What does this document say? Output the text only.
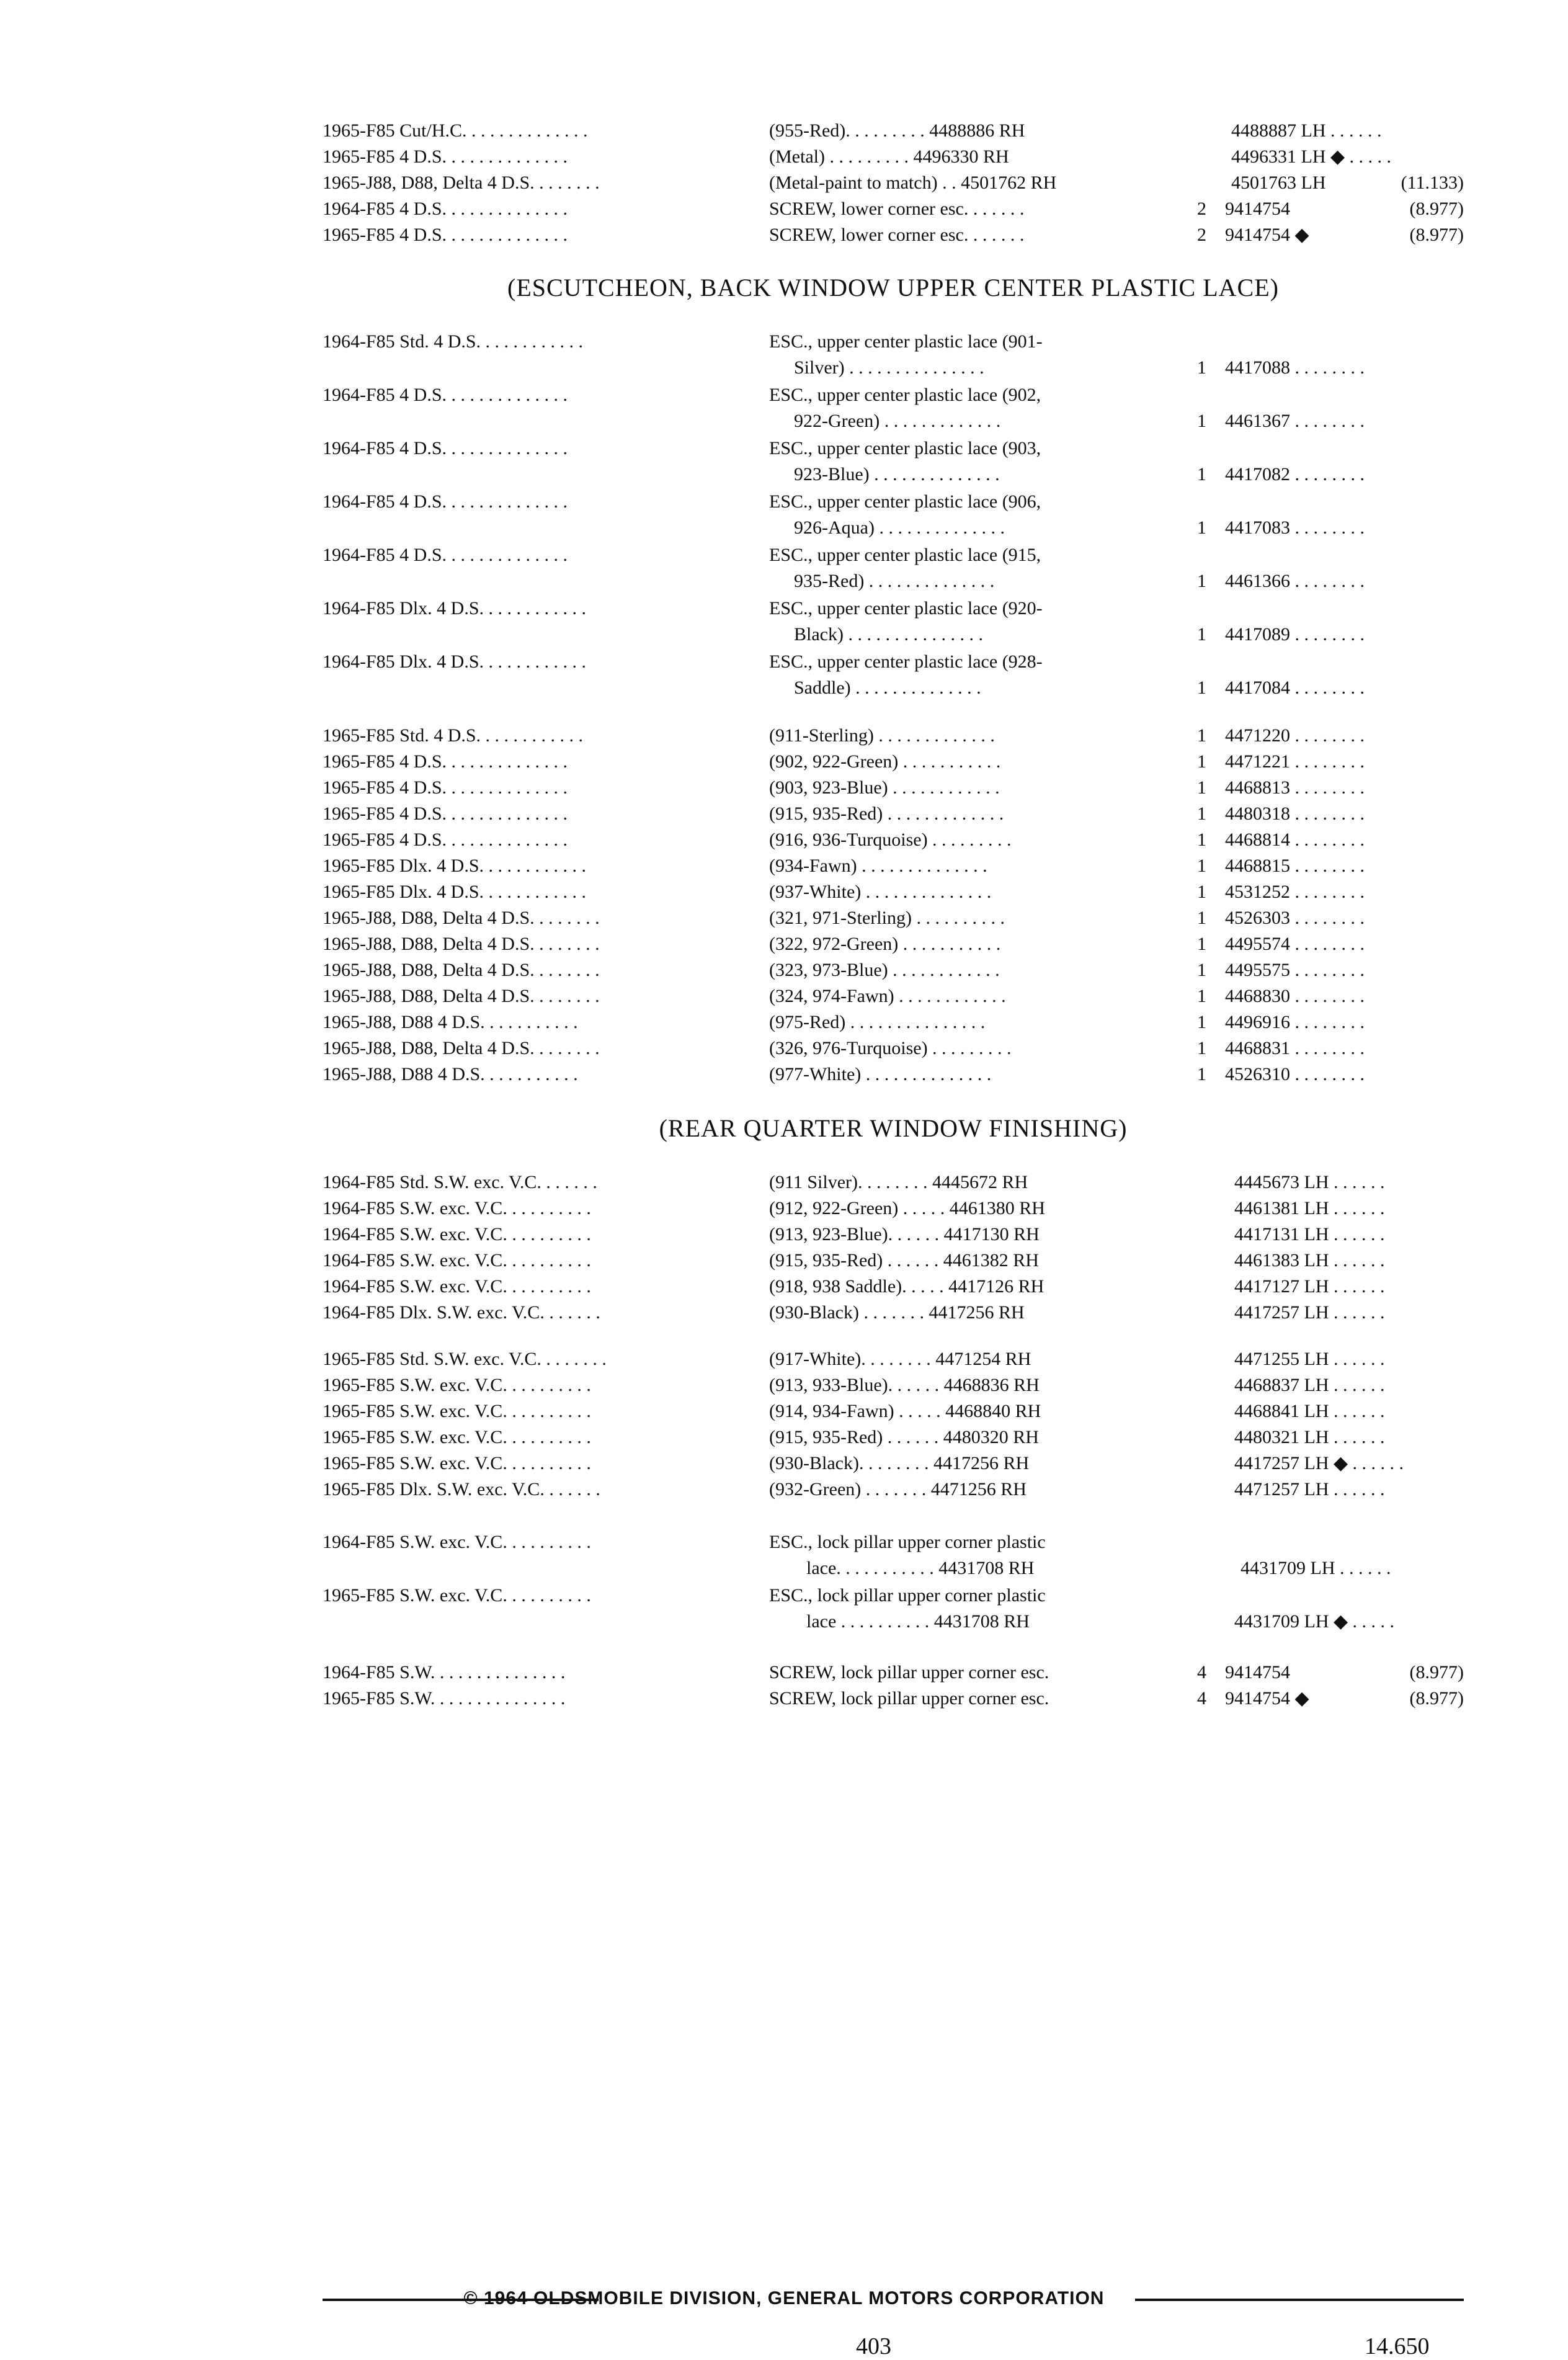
1965-F85 Cut/H.C. . . . . . . . . . . . . .	(955-Red). . . . . . . . . 4488886 RH	4488887 LH . . . . . .
1965-F85 4 D.S. . . . . . . . . . . . . .	(Metal) . . . . . . . . . 4496330 RH	4496331 LH ◆ . . . . .
1965-J88, D88, Delta 4 D.S. . . . . . . .	(Metal-paint to match) . . 4501762 RH	4501763 LH	(11.133)
1964-F85 4 D.S. . . . . . . . . . . . . .	SCREW, lower corner esc. . . . . . .	2 9414754	(8.977)
1965-F85 4 D.S. . . . . . . . . . . . . .	SCREW, lower corner esc. . . . . . .	2 9414754 ◆	(8.977)
(ESCUTCHEON, BACK WINDOW UPPER CENTER PLASTIC LACE)
1964-F85 Std. 4 D.S. . . . . . . . . . . .	ESC., upper center plastic lace (901-
Silver) . . . . . . . . . . . . . . .	1 4417088 . . . . . . . .
1964-F85 4 D.S. . . . . . . . . . . . . .	ESC., upper center plastic lace (902,
922-Green) . . . . . . . . . . . . .	1 4461367 . . . . . . . .
1964-F85 4 D.S. . . . . . . . . . . . . .	ESC., upper center plastic lace (903,
923-Blue) . . . . . . . . . . . . . .	1 4417082 . . . . . . . .
1964-F85 4 D.S. . . . . . . . . . . . . .	ESC., upper center plastic lace (906,
926-Aqua) . . . . . . . . . . . . . .	1 4417083 . . . . . . . .
1964-F85 4 D.S. . . . . . . . . . . . . .	ESC., upper center plastic lace (915,
935-Red) . . . . . . . . . . . . . .	1 4461366 . . . . . . . .
1964-F85 Dlx. 4 D.S. . . . . . . . . . . .	ESC., upper center plastic lace (920-
Black) . . . . . . . . . . . . . . .	1 4417089 . . . . . . . .
1964-F85 Dlx. 4 D.S. . . . . . . . . . . .	ESC., upper center plastic lace (928-
Saddle) . . . . . . . . . . . . . .	1 4417084 . . . . . . . .
1965-F85 Std. 4 D.S. . . . . . . . . . . .	(911-Sterling) . . . . . . . . . . . . .	1 4471220 . . . . . . . .
1965-F85 4 D.S. . . . . . . . . . . . . .	(902, 922-Green) . . . . . . . . . . .	1 4471221 . . . . . . . .
1965-F85 4 D.S. . . . . . . . . . . . . .	(903, 923-Blue) . . . . . . . . . . . .	1 4468813 . . . . . . . .
1965-F85 4 D.S. . . . . . . . . . . . . .	(915, 935-Red) . . . . . . . . . . . . .	1 4480318 . . . . . . . .
1965-F85 4 D.S. . . . . . . . . . . . . .	(916, 936-Turquoise) . . . . . . . . .	1 4468814 . . . . . . . .
1965-F85 Dlx. 4 D.S. . . . . . . . . . . .	(934-Fawn) . . . . . . . . . . . . . .	1 4468815 . . . . . . . .
1965-F85 Dlx. 4 D.S. . . . . . . . . . . .	(937-White) . . . . . . . . . . . . . .	1 4531252 . . . . . . . .
1965-J88, D88, Delta 4 D.S. . . . . . . .	(321, 971-Sterling) . . . . . . . . . .	1 4526303 . . . . . . . .
1965-J88, D88, Delta 4 D.S. . . . . . . .	(322, 972-Green) . . . . . . . . . . .	1 4495574 . . . . . . . .
1965-J88, D88, Delta 4 D.S. . . . . . . .	(323, 973-Blue) . . . . . . . . . . . .	1 4495575 . . . . . . . .
1965-J88, D88, Delta 4 D.S. . . . . . . .	(324, 974-Fawn) . . . . . . . . . . . .	1 4468830 . . . . . . . .
1965-J88, D88 4 D.S. . . . . . . . . . .	(975-Red) . . . . . . . . . . . . . . .	1 4496916 . . . . . . . .
1965-J88, D88, Delta 4 D.S. . . . . . . .	(326, 976-Turquoise) . . . . . . . . .	1 4468831 . . . . . . . .
1965-J88, D88 4 D.S. . . . . . . . . . .	(977-White) . . . . . . . . . . . . . .	1 4526310 . . . . . . . .
(REAR QUARTER WINDOW FINISHING)
1964-F85 Std. S.W. exc. V.C. . . . . . .	(911 Silver). . . . . . . . 4445672 RH	4445673 LH . . . . . .
1964-F85 S.W. exc. V.C. . . . . . . . . .	(912, 922-Green) . . . . . 4461380 RH	4461381 LH . . . . . .
1964-F85 S.W. exc. V.C. . . . . . . . . .	(913, 923-Blue). . . . . . 4417130 RH	4417131 LH . . . . . .
1964-F85 S.W. exc. V.C. . . . . . . . . .	(915, 935-Red) . . . . . . 4461382 RH	4461383 LH . . . . . .
1964-F85 S.W. exc. V.C. . . . . . . . . .	(918, 938 Saddle). . . . . 4417126 RH	4417127 LH . . . . . .
1964-F85 Dlx. S.W. exc. V.C. . . . . . .	(930-Black) . . . . . . . 4417256 RH	4417257 LH . . . . . .
1965-F85 Std. S.W. exc. V.C. . . . . . . .	(917-White). . . . . . . . 4471254 RH	4471255 LH . . . . . .
1965-F85 S.W. exc. V.C. . . . . . . . . .	(913, 933-Blue). . . . . . 4468836 RH	4468837 LH . . . . . .
1965-F85 S.W. exc. V.C. . . . . . . . . .	(914, 934-Fawn) . . . . . 4468840 RH	4468841 LH . . . . . .
1965-F85 S.W. exc. V.C. . . . . . . . . .	(915, 935-Red) . . . . . . 4480320 RH	4480321 LH . . . . . .
1965-F85 S.W. exc. V.C. . . . . . . . . .	(930-Black). . . . . . . . 4417256 RH	4417257 LH ◆ . . . . . .
1965-F85 Dlx. S.W. exc. V.C. . . . . . .	(932-Green) . . . . . . . 4471256 RH	4471257 LH . . . . . .
1964-F85 S.W. exc. V.C. . . . . . . . . .	ESC., lock pillar upper corner plastic
lace. . . . . . . . . . . 4431708 RH	4431709 LH . . . . . .
1965-F85 S.W. exc. V.C. . . . . . . . . .	ESC., lock pillar upper corner plastic
lace . . . . . . . . . . 4431708 RH	4431709 LH ◆ . . . . .
1964-F85 S.W. . . . . . . . . . . . . . .	SCREW, lock pillar upper corner esc.	4 9414754	(8.977)
1965-F85 S.W. . . . . . . . . . . . . . .	SCREW, lock pillar upper corner esc.	4 9414754 ◆	(8.977)
© 1964 OLDSMOBILE DIVISION, GENERAL MOTORS CORPORATION
403	14.650
